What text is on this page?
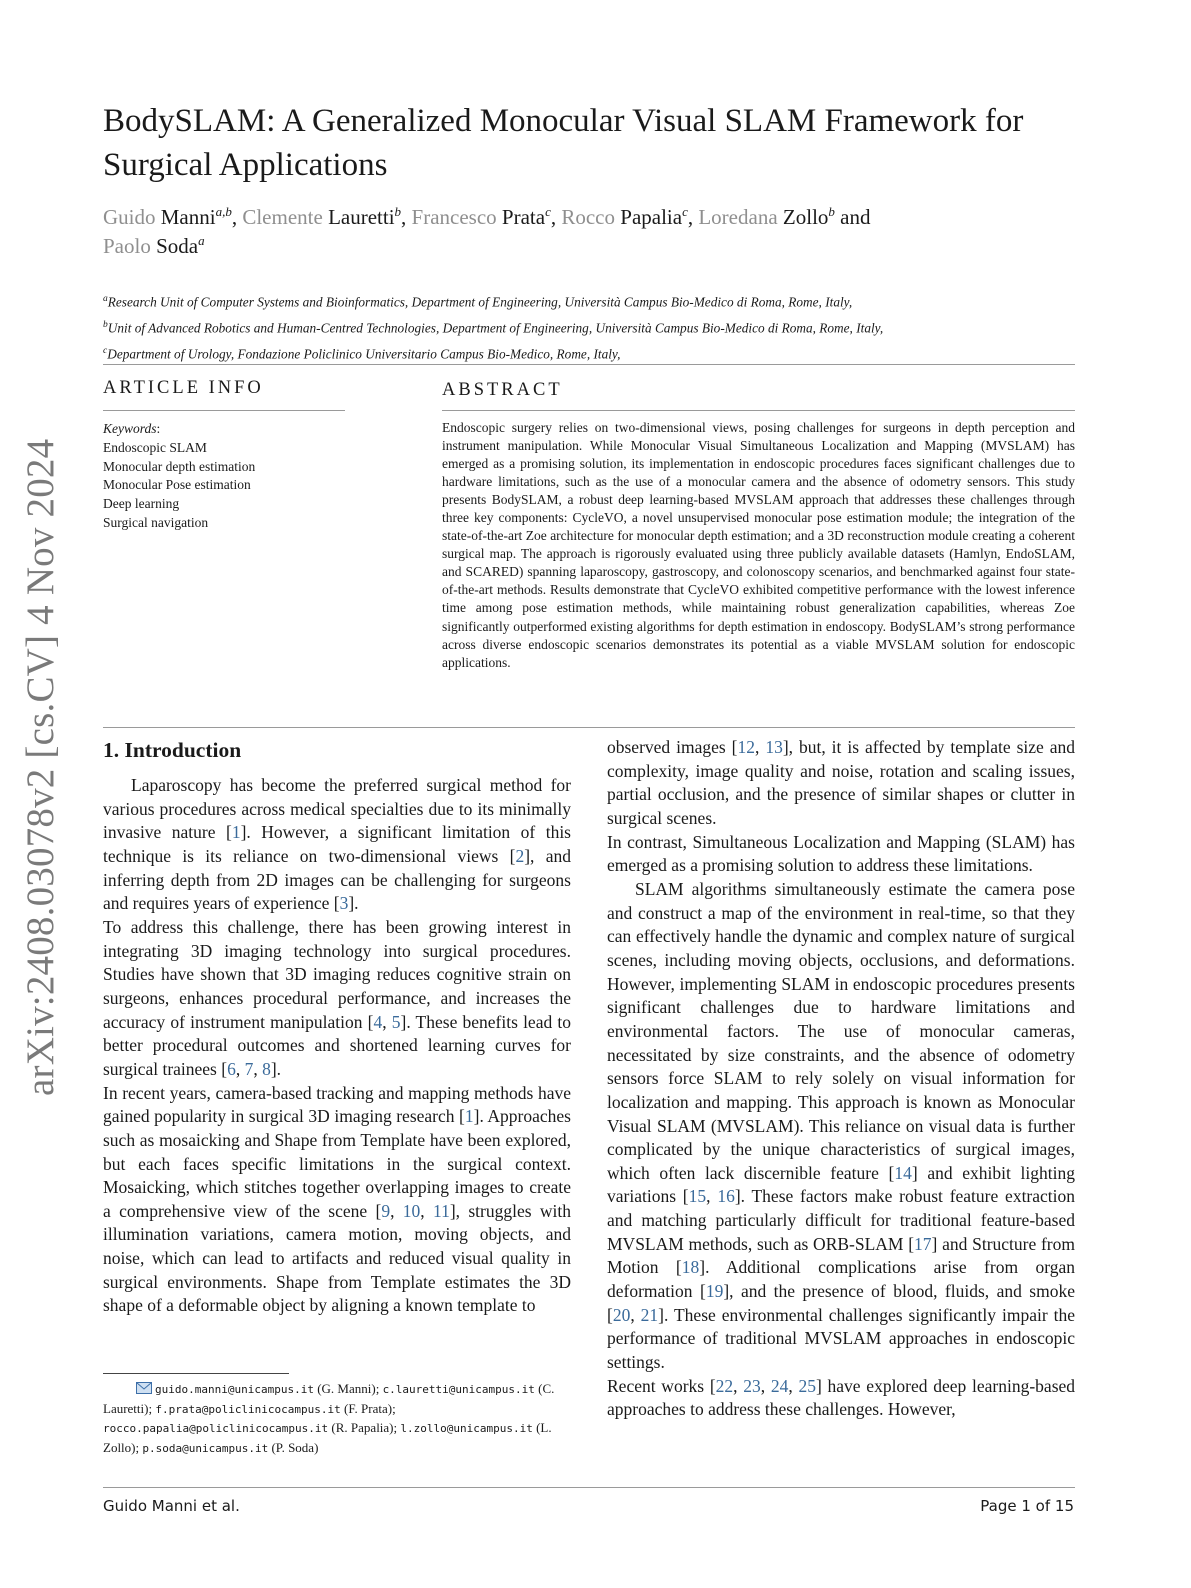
arXiv:2408.03078v2 [cs.CV] 4 Nov 2024
BodySLAM: A Generalized Monocular Visual SLAM Framework for
Surgical Applications
Guido Manni$^{a,b}$, Clemente Lauretti$^b$, Francesco Prata$^c$, Rocco Papalia$^c$, Loredana Zollo$^b$ and
Paolo Soda$^a$
$^a$Research Unit of Computer Systems and Bioinformatics, Department of Engineering, Università Campus Bio-Medico di Roma, Rome, Italy,
$^b$Unit of Advanced Robotics and Human-Centred Technologies, Department of Engineering, Università Campus Bio-Medico di Roma, Rome, Italy,
$^c$Department of Urology, Fondazione Policlinico Universitario Campus Bio-Medico, Rome, Italy,
ARTICLE INFO
Keywords:
Endoscopic SLAM
Monocular depth estimation
Monocular Pose estimation
Deep learning
Surgical navigation
ABSTRACT
Endoscopic surgery relies on two-dimensional views, posing challenges for surgeons in depth perception and instrument manipulation. While Monocular Visual Simultaneous Localization and Mapping (MVSLAM) has emerged as a promising solution, its implementation in endoscopic procedures faces significant challenges due to hardware limitations, such as the use of a monocular camera and the absence of odometry sensors. This study presents BodySLAM, a robust deep learning-based MVSLAM approach that addresses these challenges through three key components: CycleVO, a novel unsupervised monocular pose estimation module; the integration of the state-of-the-art Zoe architecture for monocular depth estimation; and a 3D reconstruction module creating a coherent surgical map. The approach is rigorously evaluated using three publicly available datasets (Hamlyn, EndoSLAM, and SCARED) spanning laparoscopy, gastroscopy, and colonoscopy scenarios, and benchmarked against four state-of-the-art methods. Results demonstrate that CycleVO exhibited competitive performance with the lowest inference time among pose estimation methods, while maintaining robust generalization capabilities, whereas Zoe significantly outperformed existing algorithms for depth estimation in endoscopy. BodySLAM’s strong performance across diverse endoscopic scenarios demonstrates its potential as a viable MVSLAM solution for endoscopic applications.
1. Introduction

Laparoscopy has become the preferred surgical method for various procedures across medical specialties due to its minimally invasive nature [1]. However, a significant limitation of this technique is its reliance on two-dimensional views [2], and inferring depth from 2D images can be challenging for surgeons and requires years of experience [3].

To address this challenge, there has been growing interest in integrating 3D imaging technology into surgical procedures. Studies have shown that 3D imaging reduces cognitive strain on surgeons, enhances procedural performance, and increases the accuracy of instrument manipulation [4, 5]. These benefits lead to better procedural outcomes and shortened learning curves for surgical trainees [6, 7, 8].

In recent years, camera-based tracking and mapping methods have gained popularity in surgical 3D imaging research [1]. Approaches such as mosaicking and Shape from Template have been explored, but each faces specific limitations in the surgical context. Mosaicking, which stitches together overlapping images to create a comprehensive view of the scene [9, 10, 11], struggles with illumination variations, camera motion, moving objects, and noise, which can lead to artifacts and reduced visual quality in surgical environments. Shape from Template estimates the 3D shape of a deformable object by aligning a known template to

observed images [12, 13], but, it is affected by template size and complexity, image quality and noise, rotation and scaling issues, partial occlusion, and the presence of similar shapes or clutter in surgical scenes.

In contrast, Simultaneous Localization and Mapping (SLAM) has emerged as a promising solution to address these limitations.

SLAM algorithms simultaneously estimate the camera pose and construct a map of the environment in real-time, so that they can effectively handle the dynamic and complex nature of surgical scenes, including moving objects, occlusions, and deformations. However, implementing SLAM in endoscopic procedures presents significant challenges due to hardware limitations and environmental factors. The use of monocular cameras, necessitated by size constraints, and the absence of odometry sensors force SLAM to rely solely on visual information for localization and mapping. This approach is known as Monocular Visual SLAM (MVSLAM). This reliance on visual data is further complicated by the unique characteristics of surgical images, which often lack discernible feature [14] and exhibit lighting variations [15, 16]. These factors make robust feature extraction and matching particularly difficult for traditional feature-based MVSLAM methods, such as ORB-SLAM [17] and Structure from Motion [18]. Additional complications arise from organ deformation [19], and the presence of blood, fluids, and smoke [20, 21]. These environmental challenges significantly impair the performance of traditional MVSLAM approaches in endoscopic settings.

Recent works [22, 23, 24, 25] have explored deep learning-based approaches to address these challenges. However,

guido.manni@unicampus.it (G. Manni); c.lauretti@unicampus.it (C. Lauretti); f.prata@policlinicocampus.it (F. Prata); rocco.papalia@policlinicocampus.it (R. Papalia); l.zollo@unicampus.it (L. Zollo); p.soda@unicampus.it (P. Soda)
Guido Manni et al.	Page 1 of 15
